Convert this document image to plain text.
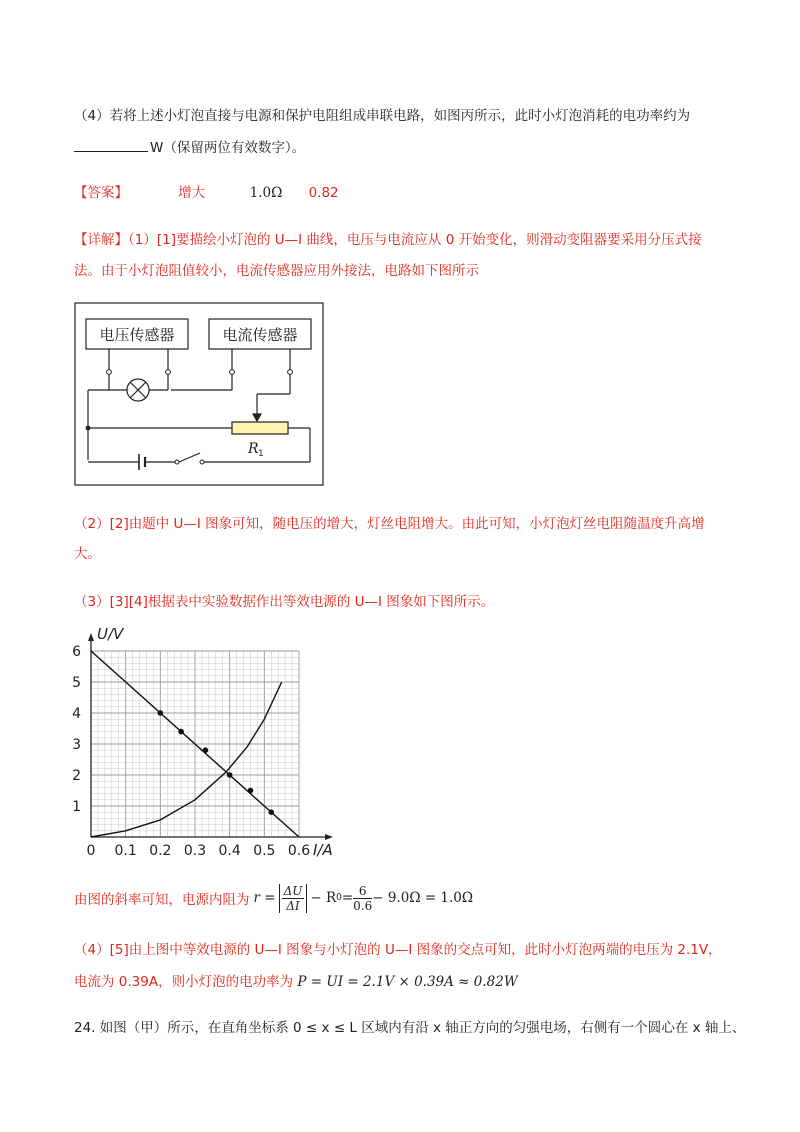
（4）若将上述小灯泡直接与电源和保护电阻组成串联电路，如图丙所示，此时小灯泡消耗的电功率约为
W（保留两位有效数字）。
【答案】	增大	1.0Ω 0.82
【详解】（1）[1]要描绘小灯泡的 U—I 曲线，电压与电流应从 0 开始变化，则滑动变阻器要采用分压式接
法。由于小灯泡阻值较小，电流传感器应用外接法，电路如下图所示
电压传感器	电流传感器
R 1
（2）[2]由题中 U—I 图象可知，随电压的增大，灯丝电阻增大。由此可知，小灯泡灯丝电阻随温度升高增
大。
（3）[3][4]根据表中实验数据作出等效电源的 U—I 图象如下图所示。
0 0.1 0.2 0.3 0.4 0.5 0.6
1
2
3
4
5
6
U/V
I/A
由图的斜率可知，电源内阻为 $r = \frac{\Delta U}{\Delta I} - R$ $0 = \frac{6}{0.6} - 9.0\Omega = 1.0\Omega$
（4）[5]由上图中等效电源的 U—I 图象与小灯泡的 U—I 图象的交点可知，此时小灯泡两端的电压为 2.1V，
电流为 0.39A，则小灯泡的电功率为 P = UI = 2.1V × 0.39A ≈ 0.82W
24. 如图（甲）所示，在直角坐标系 0 ≤ x ≤ L 区域内有沿 x 轴正方向的匀强电场，右侧有一个圆心在 x 轴上、
